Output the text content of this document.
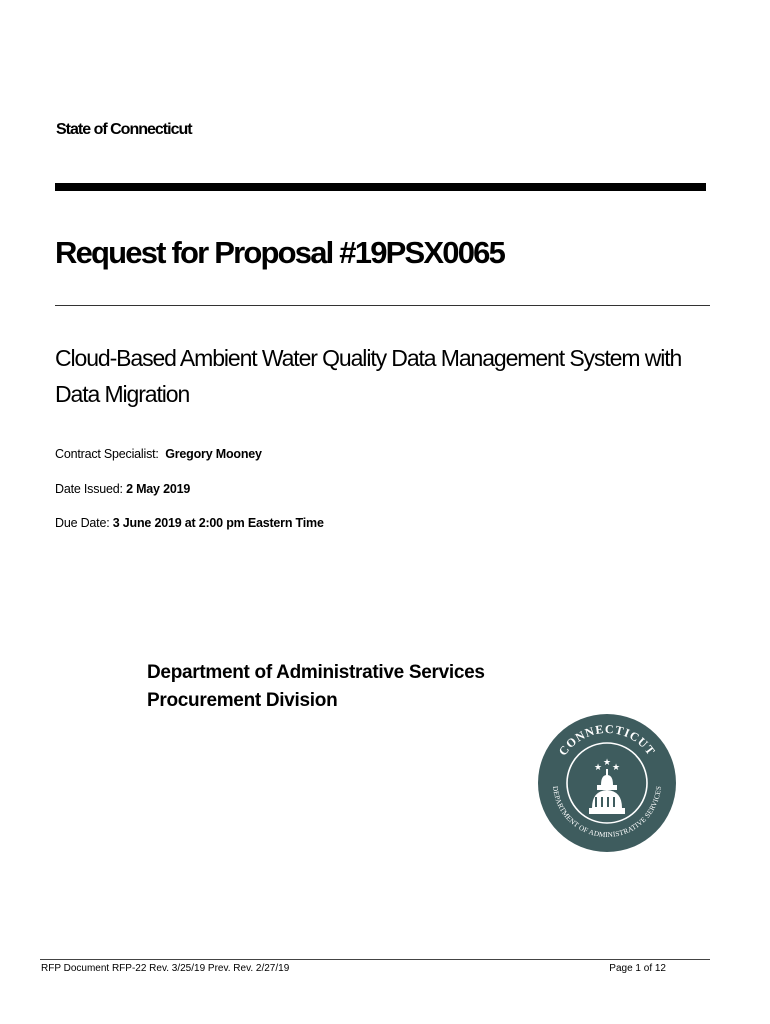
State of Connecticut
Request for Proposal #19PSX0065
Cloud-Based Ambient Water Quality Data Management System with Data Migration
Contract Specialist: Gregory Mooney
Date Issued: 2 May 2019
Due Date: 3 June 2019 at 2:00 pm Eastern Time
Department of Administrative Services
Procurement Division
CONNECTICUT
DEPARTMENT OF ADMINISTRATIVE SERVICES
★ ★
★
RFP Document RFP-22 Rev. 3/25/19 Prev. Rev. 2/27/19	Page 1 of 12
